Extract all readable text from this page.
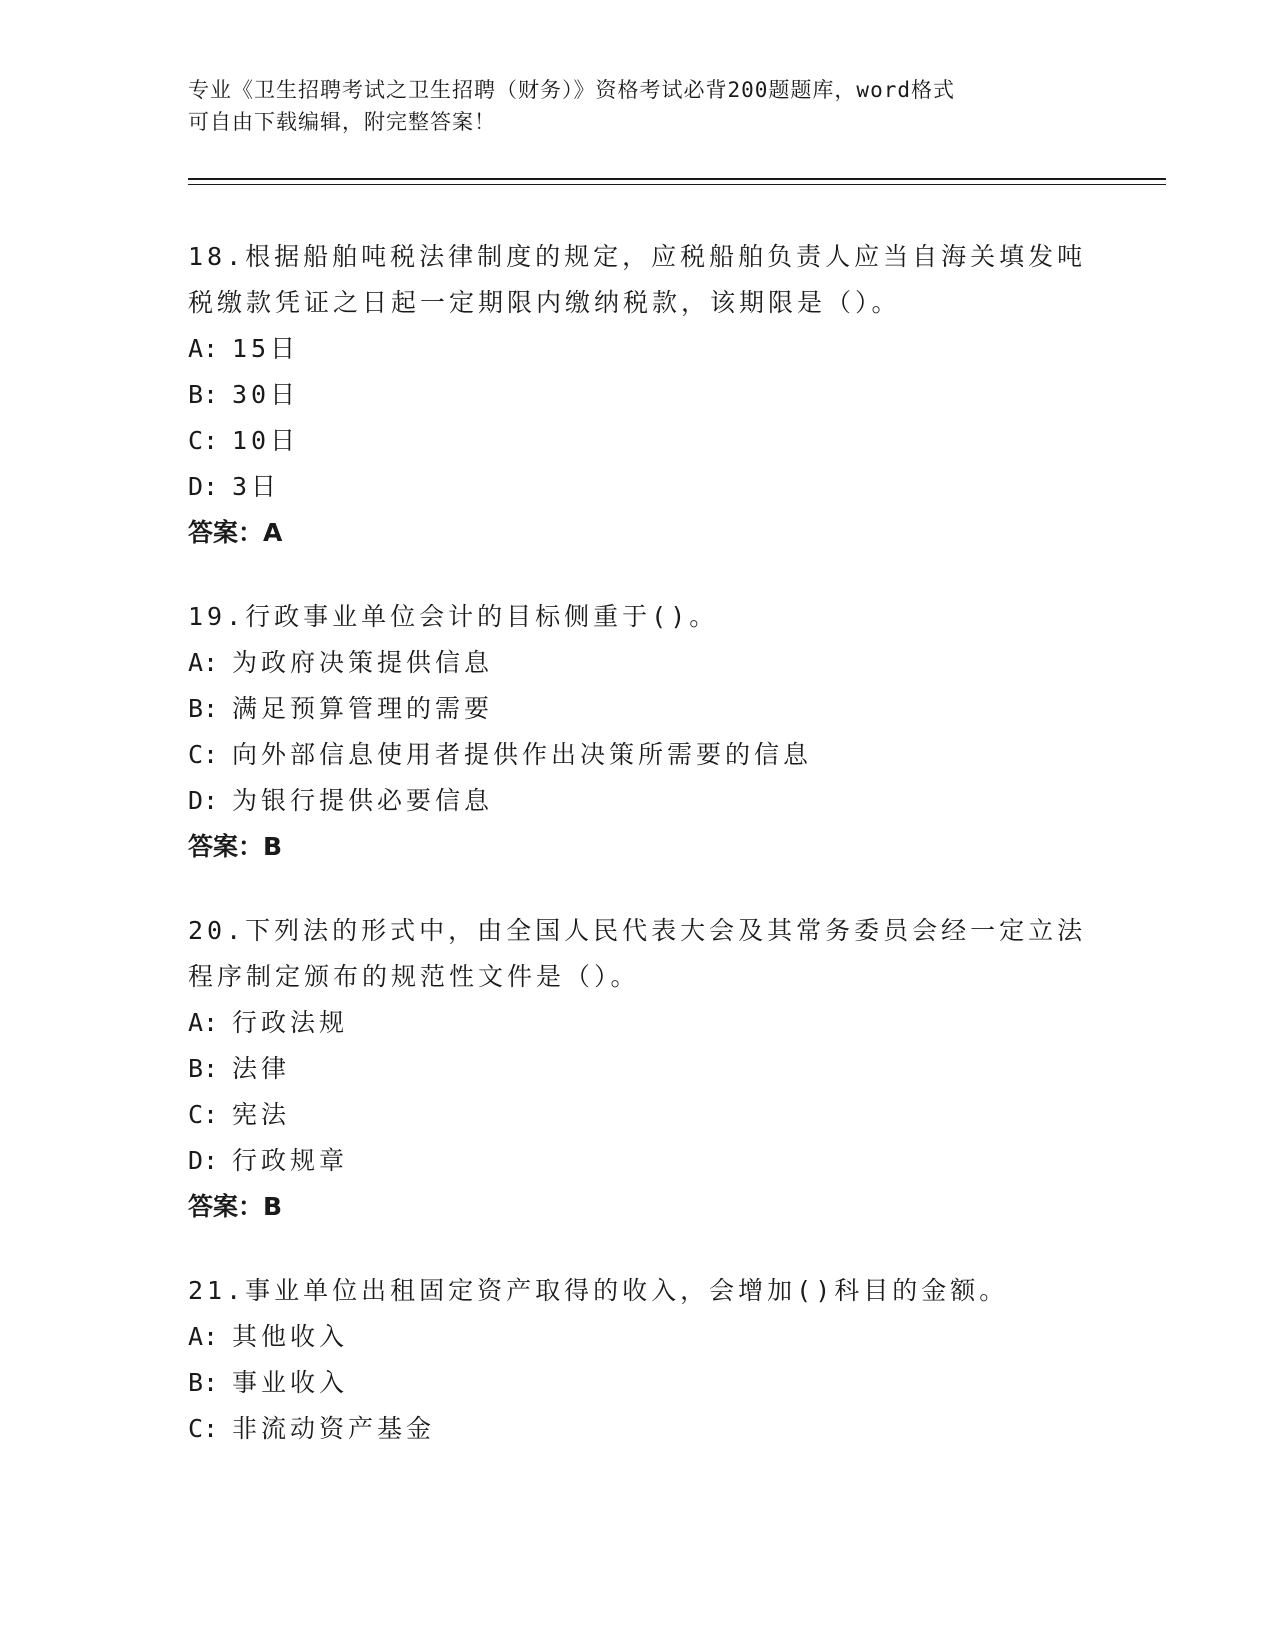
专业《卫生招聘考试之卫生招聘（财务）》资格考试必背200题题库，word格式
可自由下载编辑，附完整答案！
18.根据船舶吨税法律制度的规定，应税船舶负责人应当自海关填发吨
税缴款凭证之日起一定期限内缴纳税款，该期限是（）。
A: 15日
B: 30日
C: 10日
D: 3日
答案：A
19.行政事业单位会计的目标侧重于()。
A: 为政府决策提供信息
B: 满足预算管理的需要
C: 向外部信息使用者提供作出决策所需要的信息
D: 为银行提供必要信息
答案：B
20.下列法的形式中，由全国人民代表大会及其常务委员会经一定立法
程序制定颁布的规范性文件是（）。
A: 行政法规
B: 法律
C: 宪法
D: 行政规章
答案：B
21.事业单位出租固定资产取得的收入，会增加()科目的金额。
A: 其他收入
B: 事业收入
C: 非流动资产基金
